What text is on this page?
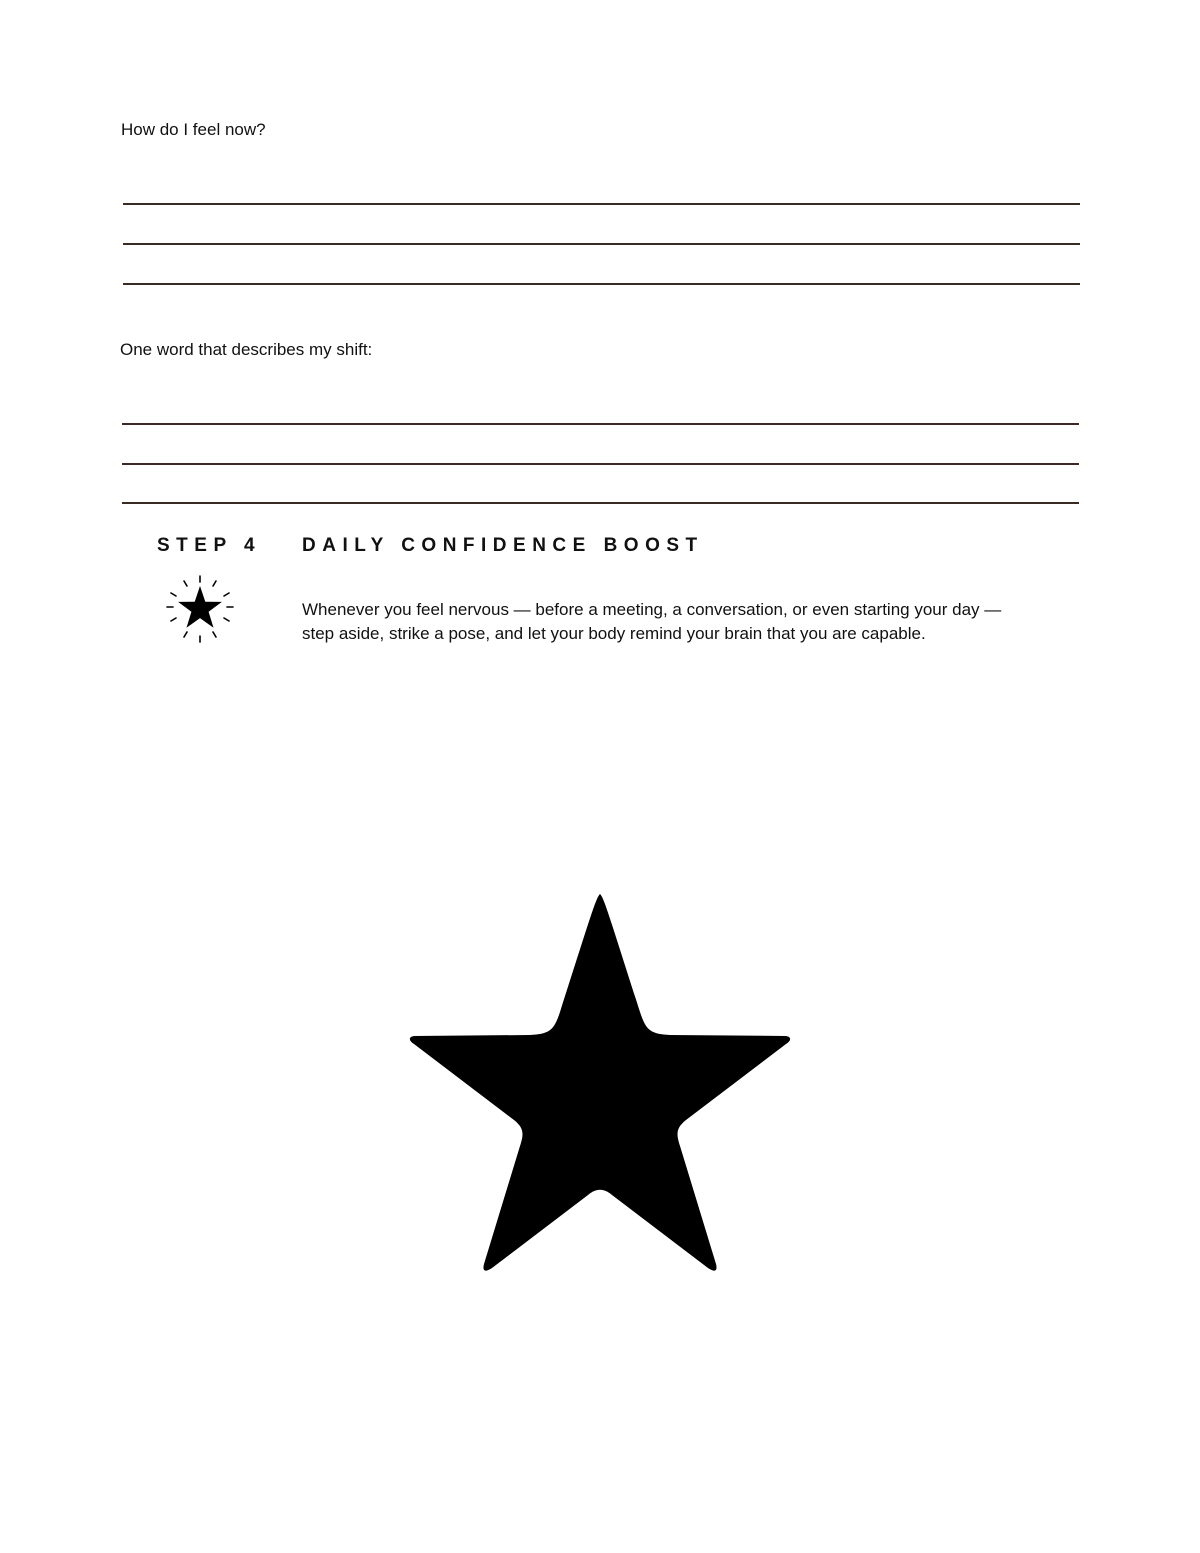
How do I feel now?

One word that describes my shift:

STEP 4 DAILY CONFIDENCE BOOST

Whenever you feel nervous — before a meeting, a conversation, or even starting your day —

step aside, strike a pose, and let your body remind your brain that you are capable.
